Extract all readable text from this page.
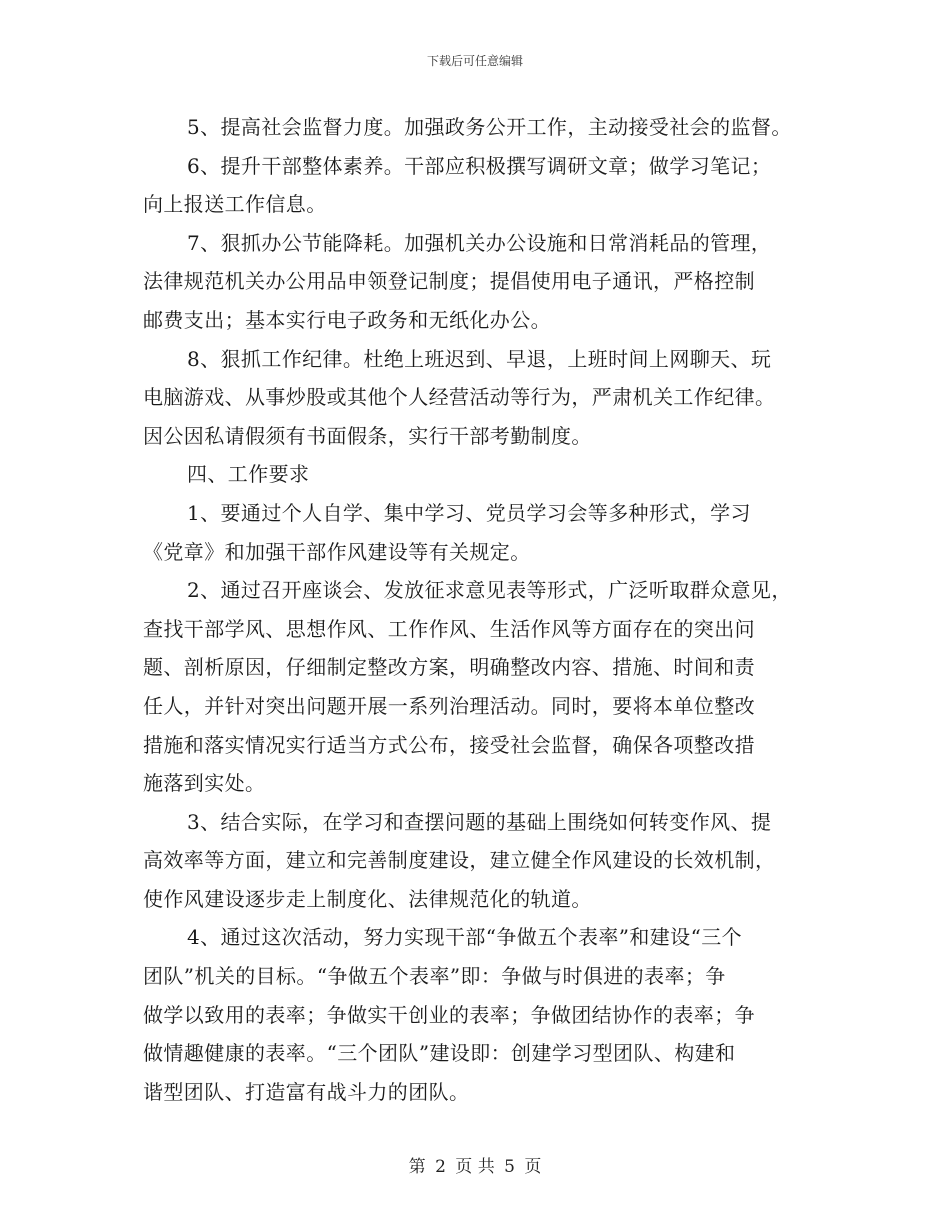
下载后可任意编辑
5、提高社会监督力度。加强政务公开工作，主动接受社会的监督。
6、提升干部整体素养。干部应积极撰写调研文章；做学习笔记；
向上报送工作信息。
7、狠抓办公节能降耗。加强机关办公设施和日常消耗品的管理，
法律规范机关办公用品申领登记制度；提倡使用电子通讯，严格控制
邮费支出；基本实行电子政务和无纸化办公。
8、狠抓工作纪律。杜绝上班迟到、早退，上班时间上网聊天、玩
电脑游戏、从事炒股或其他个人经营活动等行为，严肃机关工作纪律。
因公因私请假须有书面假条，实行干部考勤制度。
四、工作要求
1、要通过个人自学、集中学习、党员学习会等多种形式，学习
《党章》和加强干部作风建设等有关规定。
2、通过召开座谈会、发放征求意见表等形式，广泛听取群众意见，
查找干部学风、思想作风、工作作风、生活作风等方面存在的突出问
题、剖析原因，仔细制定整改方案，明确整改内容、措施、时间和责
任人，并针对突出问题开展一系列治理活动。同时，要将本单位整改
措施和落实情况实行适当方式公布，接受社会监督，确保各项整改措
施落到实处。
3、结合实际，在学习和查摆问题的基础上围绕如何转变作风、提
高效率等方面，建立和完善制度建设，建立健全作风建设的长效机制，
使作风建设逐步走上制度化、法律规范化的轨道。
4、通过这次活动，努力实现干部“争做五个表率”和建设“三个
团队”机关的目标。“争做五个表率”即：争做与时俱进的表率；争
做学以致用的表率；争做实干创业的表率；争做团结协作的表率；争
做情趣健康的表率。“三个团队”建设即：创建学习型团队、构建和
谐型团队、打造富有战斗力的团队。
第 2 页 共 5 页
